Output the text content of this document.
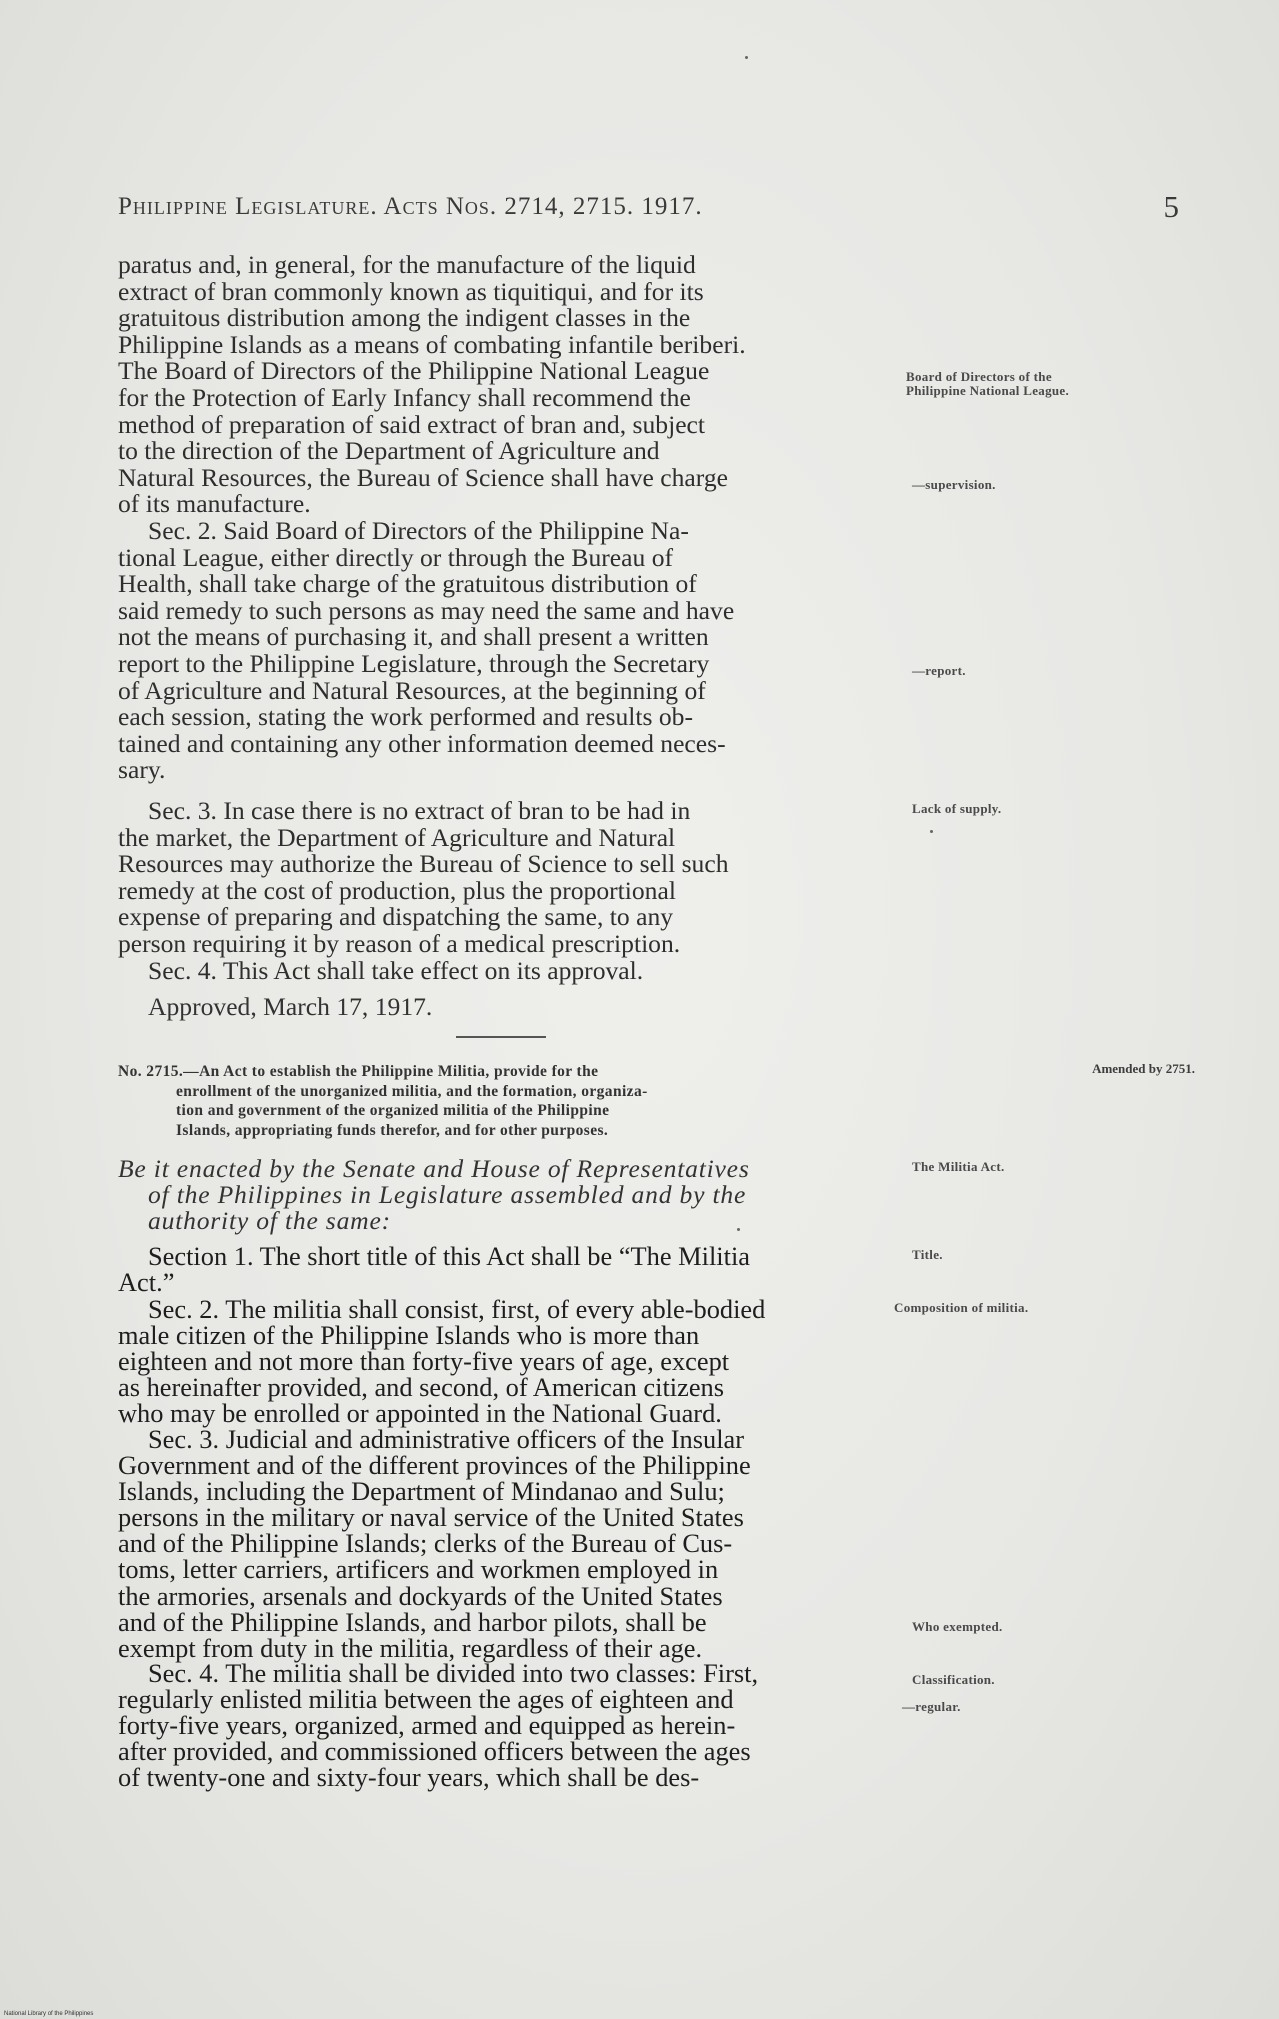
Philippine Legislature. Acts Nos. 2714, 2715. 1917.	5

paratus and, in general, for the manufacture of the liquid

extract of bran commonly known as tiquitiqui, and for its

gratuitous distribution among the indigent classes in the

Philippine Islands as a means of combating infantile beriberi.

The Board of Directors of the Philippine National League

for the Protection of Early Infancy shall recommend the

method of preparation of said extract of bran and, subject

to the direction of the Department of Agriculture and

Natural Resources, the Bureau of Science shall have charge

of its manufacture.

Sec. 2. Said Board of Directors of the Philippine Na-

tional League, either directly or through the Bureau of

Health, shall take charge of the gratuitous distribution of

said remedy to such persons as may need the same and have

not the means of purchasing it, and shall present a written

report to the Philippine Legislature, through the Secretary

of Agriculture and Natural Resources, at the beginning of

each session, stating the work performed and results ob-

tained and containing any other information deemed neces-

sary.

Sec. 3. In case there is no extract of bran to be had in

the market, the Department of Agriculture and Natural

Resources may authorize the Bureau of Science to sell such

remedy at the cost of production, plus the proportional

expense of preparing and dispatching the same, to any

person requiring it by reason of a medical prescription.

Sec. 4. This Act shall take effect on its approval.

Approved, March 17, 1917.
Board of Directors of the Philippine National League.
—supervision.
—report.
Lack of supply.
No. 2715.—An Act to establish the Philippine Militia, provide for the
enrollment of the unorganized militia, and the formation, organiza-
tion and government of the organized militia of the Philippine
Islands, appropriating funds therefor, and for other purposes.
Amended by 2751.
Be it enacted by the Senate and House of Representatives
of the Philippines in Legislature assembled and by the
authority of the same:

Section 1. The short title of this Act shall be “The Militia

Act.”

Sec. 2. The militia shall consist, first, of every able-bodied

male citizen of the Philippine Islands who is more than

eighteen and not more than forty-five years of age, except

as hereinafter provided, and second, of American citizens

who may be enrolled or appointed in the National Guard.

Sec. 3. Judicial and administrative officers of the Insular

Government and of the different provinces of the Philippine

Islands, including the Department of Mindanao and Sulu;

persons in the military or naval service of the United States

and of the Philippine Islands; clerks of the Bureau of Cus-

toms, letter carriers, artificers and workmen employed in

the armories, arsenals and dockyards of the United States

and of the Philippine Islands, and harbor pilots, shall be

exempt from duty in the militia, regardless of their age.

Sec. 4. The militia shall be divided into two classes: First,

regularly enlisted militia between the ages of eighteen and

forty-five years, organized, armed and equipped as herein-

after provided, and commissioned officers between the ages

of twenty-one and sixty-four years, which shall be des-

The Militia Act.
Title.
Composition of militia.
Who exempted.
Classification.
—regular.
National Library of the Philippines
